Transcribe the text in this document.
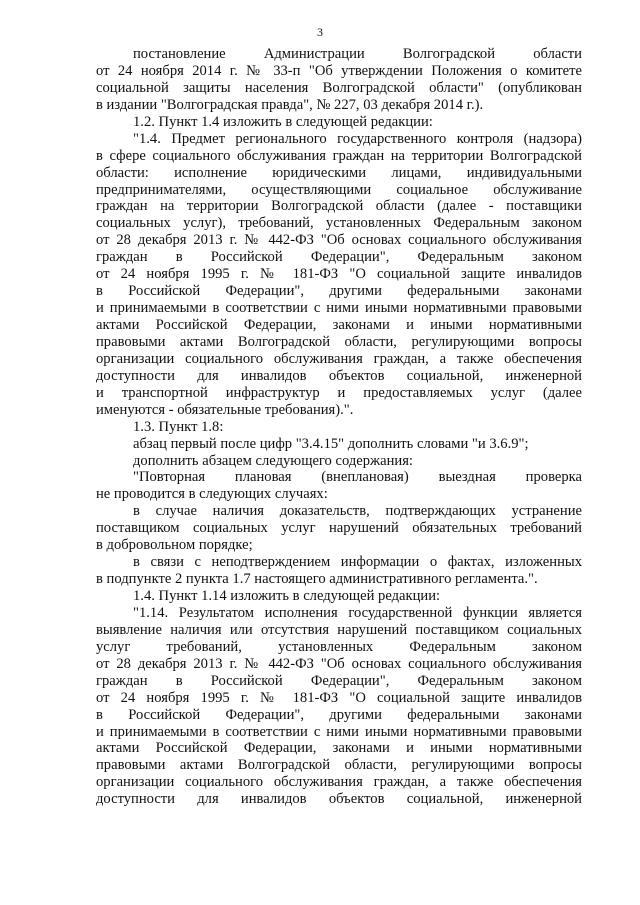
3
постановление Администрации Волгоградской области
от 24 ноября 2014 г. № 33-п "Об утверждении Положения о комитете
социальной защиты населения Волгоградской области" (опубликован
в издании "Волгоградская правда", № 227, 03 декабря 2014 г.).
1.2. Пункт 1.4 изложить в следующей редакции:
"1.4. Предмет регионального государственного контроля (надзора)
в сфере социального обслуживания граждан на территории Волгоградской
области: исполнение юридическими лицами, индивидуальными
предпринимателями, осуществляющими социальное обслуживание
граждан на территории Волгоградской области (далее - поставщики
социальных услуг), требований, установленных Федеральным законом
от 28 декабря 2013 г. № 442-ФЗ "Об основах социального обслуживания
граждан в Российской Федерации", Федеральным законом
от 24 ноября 1995 г. № 181-ФЗ "О социальной защите инвалидов
в Российской Федерации", другими федеральными законами
и принимаемыми в соответствии с ними иными нормативными правовыми
актами Российской Федерации, законами и иными нормативными
правовыми актами Волгоградской области, регулирующими вопросы
организации социального обслуживания граждан, а также обеспечения
доступности для инвалидов объектов социальной, инженерной
и транспортной инфраструктур и предоставляемых услуг (далее
именуются - обязательные требования).".
1.3. Пункт 1.8:
абзац первый после цифр "3.4.15" дополнить словами "и 3.6.9";
дополнить абзацем следующего содержания:
"Повторная плановая (внеплановая) выездная проверка
не проводится в следующих случаях:
в случае наличия доказательств, подтверждающих устранение
поставщиком социальных услуг нарушений обязательных требований
в добровольном порядке;
в связи с неподтверждением информации о фактах, изложенных
в подпункте 2 пункта 1.7 настоящего административного регламента.".
1.4. Пункт 1.14 изложить в следующей редакции:
"1.14. Результатом исполнения государственной функции является
выявление наличия или отсутствия нарушений поставщиком социальных
услуг требований, установленных Федеральным законом
от 28 декабря 2013 г. № 442-ФЗ "Об основах социального обслуживания
граждан в Российской Федерации", Федеральным законом
от 24 ноября 1995 г. № 181-ФЗ "О социальной защите инвалидов
в Российской Федерации", другими федеральными законами
и принимаемыми в соответствии с ними иными нормативными правовыми
актами Российской Федерации, законами и иными нормативными
правовыми актами Волгоградской области, регулирующими вопросы
организации социального обслуживания граждан, а также обеспечения
доступности для инвалидов объектов социальной, инженерной
